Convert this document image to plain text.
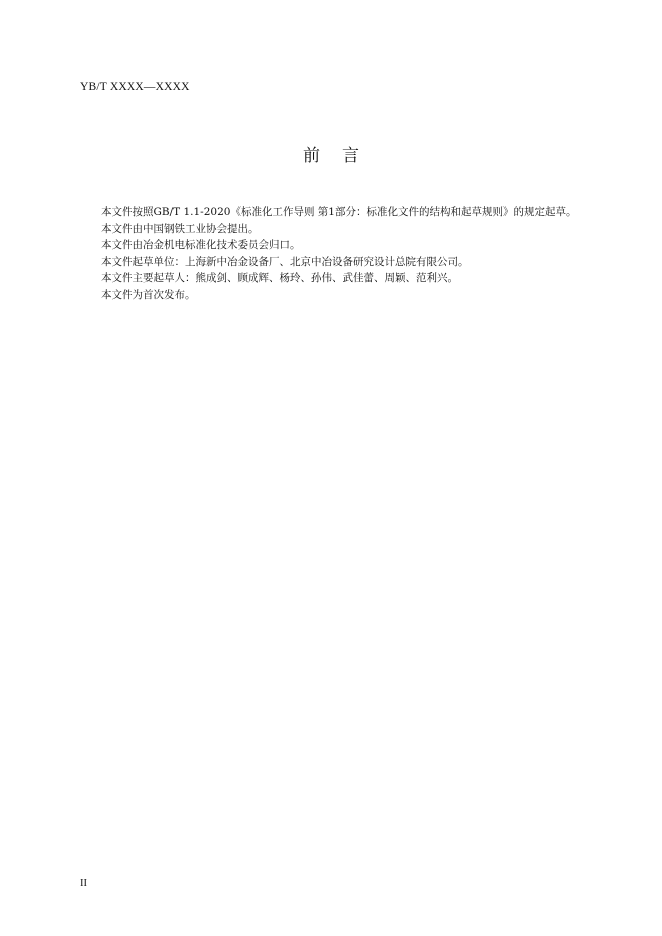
YB/T XXXX—XXXX
前言

本文件按照GB/T 1.1-2020《标准化工作导则 第1部分：标准化文件的结构和起草规则》的规定起草。

本文件由中国钢铁工业协会提出。

本文件由冶金机电标准化技术委员会归口。

本文件起草单位：上海新中冶金设备厂、北京中冶设备研究设计总院有限公司。

本文件主要起草人：熊成剑、顾成辉、杨玲、孙伟、武佳蕾、周颖、范利兴。

本文件为首次发布。

II
